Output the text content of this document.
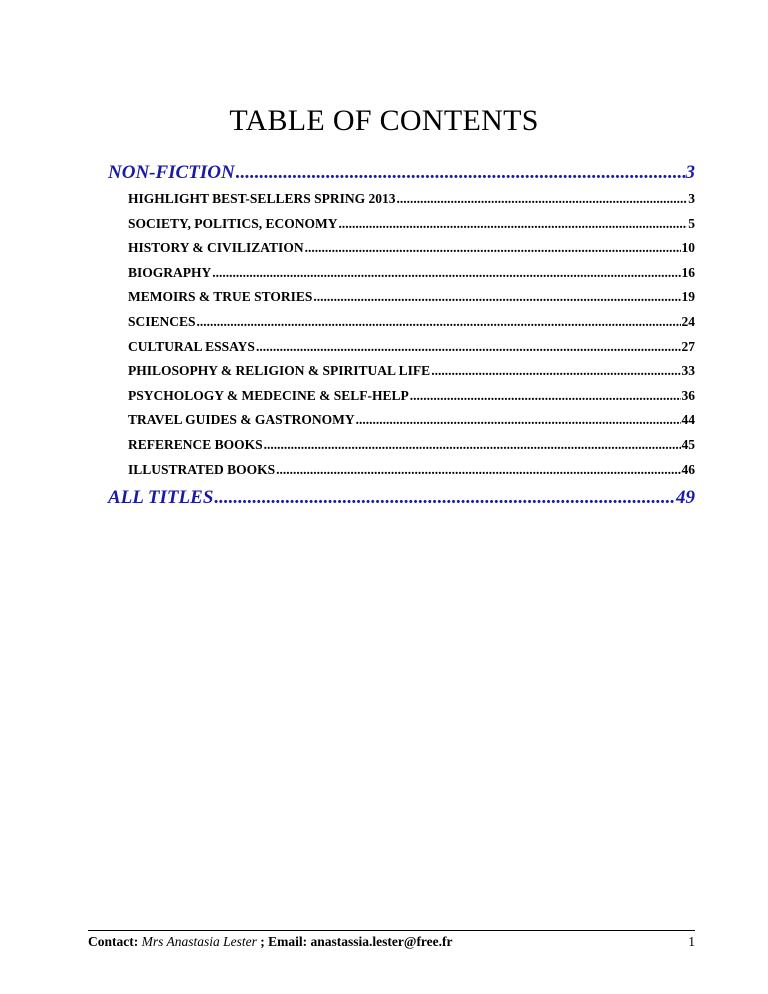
TABLE OF CONTENTS
NON-FICTION .....	3
HIGHLIGHT BEST-SELLERS SPRING 2013 .....	3
SOCIETY, POLITICS, ECONOMY .....	5
HISTORY & CIVILIZATION .....	10
BIOGRAPHY .....	16
MEMOIRS & TRUE STORIES .....	19
SCIENCES .....	24
CULTURAL ESSAYS .....	27
PHILOSOPHY & RELIGION & SPIRITUAL LIFE .....	33
PSYCHOLOGY & MEDECINE & SELF-HELP .....	36
TRAVEL GUIDES & GASTRONOMY .....	44
REFERENCE BOOKS .....	45
ILLUSTRATED BOOKS .....	46
ALL TITLES .....	49
Contact: Mrs Anastasia Lester ; Email: anastassia.lester@free.fr	1
